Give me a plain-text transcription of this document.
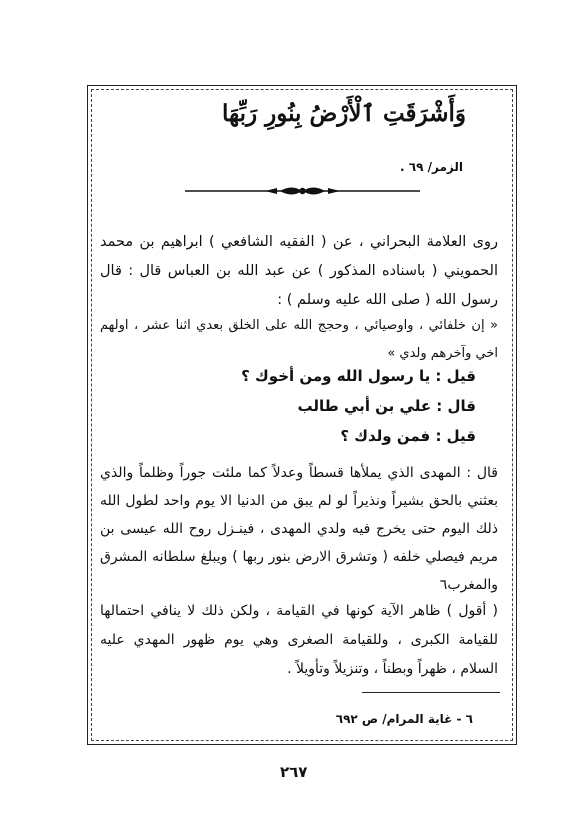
وَأَشْرَقَتِ ٱلْأَرْضُ بِنُورِ رَبِّهَا
الزمر/ ٦٩ .
روى العلامة البحراني ، عن ( الفقيه الشافعي ) ابراهيم بن محمد الحمويني ( باسناده المذكور ) عن عبد الله بن العباس قال : قال رسول الله ( صلى الله عليه وسلم ) :
« إن خلفائي ، واوصيائي ، وحجج الله على الخلق بعدي اثنا عشر ، اولهم اخي وآخرهم ولدي »
قيل : يا رسول الله ومن أخوك ؟
قال : علي بن أبي طالب
قيل : فمن ولدك ؟
قال : المهدى الذي يملأها قسطاً وعدلاً كما ملئت جوراً وظلماً والذي بعثني بالحق بشيراً ونذيراً لو لم يبق من الدنيا الا يوم واحد لطول الله ذلك اليوم حتى يخرج فيه ولدي المهدى ، فينـزل روح الله عيسى بن مريم فيصلي خلفه ( وتشرق الارض بنور ربها ) ويبلغ سلطانه المشرق والمغرب٦
( أقول ) ظاهر الآية كونها في القيامة ، ولكن ذلك لا ينافي احتمالها للقيامة الكبرى ، وللقيامة الصغرى وهي يوم ظهور المهدي عليه السلام ، ظهراً وبطناً ، وتنزيلاً وتأويلاً .
٦ - غاية المرام/ ص ٦٩٢
٢٦٧
